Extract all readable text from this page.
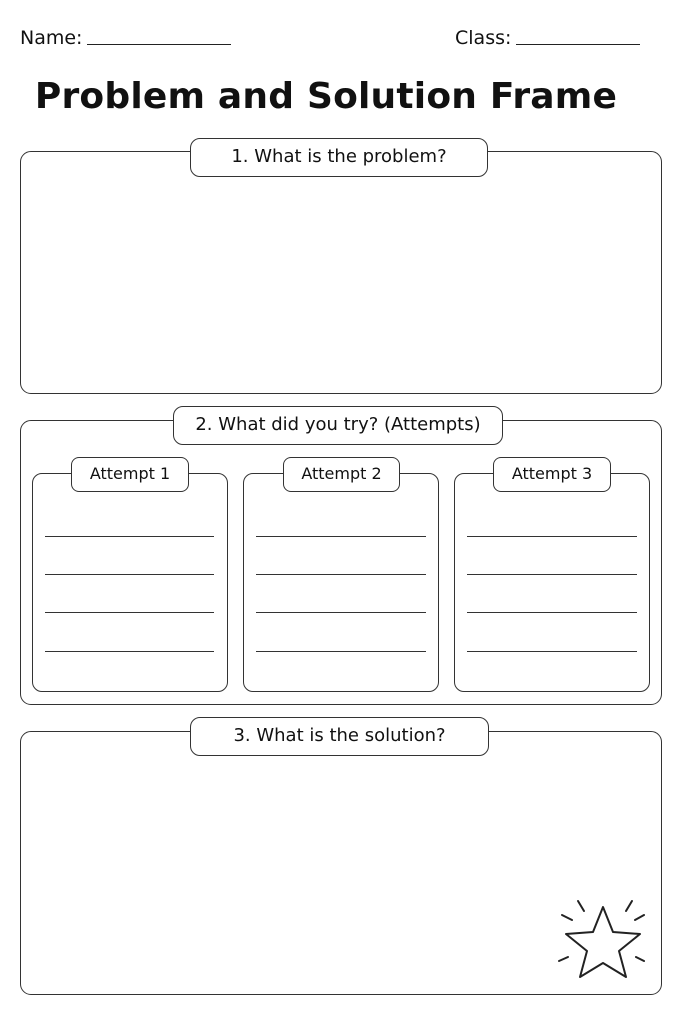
Name:	Class:
Problem and Solution Frame
1. What is the problem?
2. What did you try? (Attempts)
Attempt 1	Attempt 2	Attempt 3
3. What is the solution?
